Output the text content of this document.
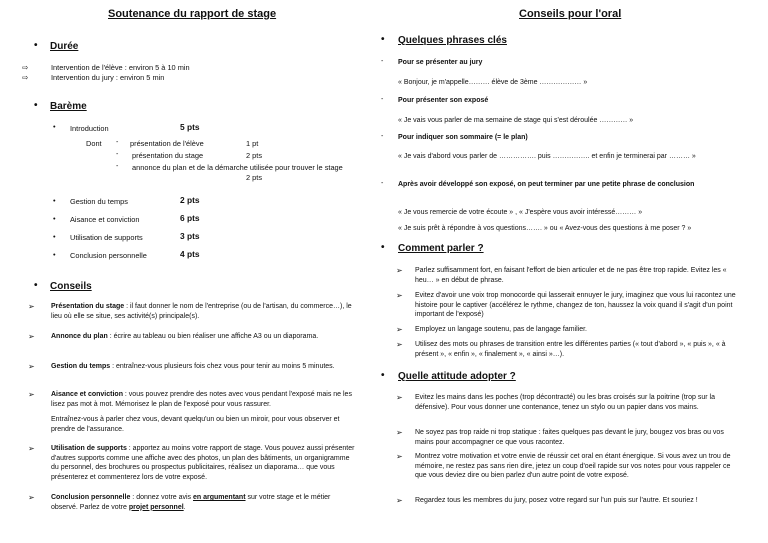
Soutenance du rapport de stage
• Durée
⇨	Intervention de l'élève : environ 5 à 10 min
⇨	Intervention du jury : environ 5 min
• Barème
• Introduction	5 pts
Dont - présentation de l'élève	1 pt
- présentation du stage	2 pts
- annonce du plan et de la démarche utilisée pour trouver le stage
2 pts
• Gestion du temps	2 pts
• Aisance et conviction	6 pts
• Utilisation de supports	3 pts
• Conclusion personnelle	4 pts
• Conseils
➢ Présentation du stage : il faut donner le nom de l'entreprise (ou de l'artisan, du commerce…), le lieu où elle se situe, ses activité(s) principale(s).
➢ Annonce du plan : écrire au tableau ou bien réaliser une affiche A3 ou un diaporama.
➢ Gestion du temps : entraînez-vous plusieurs fois chez vous pour tenir au moins 5 minutes.
➢ Aisance et conviction : vous pouvez prendre des notes avec vous pendant l'exposé mais ne les lisez pas mot à mot. Mémorisez le plan de l'exposé pour vous rassurer.
Entraînez-vous à parler chez vous, devant quelqu'un ou bien un miroir, pour vous observer et prendre de l'assurance.
➢ Utilisation de supports : apportez au moins votre rapport de stage. Vous pouvez aussi présenter d'autres supports comme une affiche avec des photos, un plan des bâtiments, un organigramme du personnel, des brochures ou prospectus publicitaires, réalisez un diaporama… que vous présenterez et commenterez lors de votre exposé.
➢ Conclusion personnelle : donnez votre avis en argumentant sur votre stage et le métier observé. Parlez de votre projet personnel.
Conseils pour l'oral
• Quelques phrases clés
- Pour se présenter au jury
« Bonjour, je m'appelle……… élève de 3ème ……………… »
- Pour présenter son exposé
« Je vais vous parler de ma semaine de stage qui s'est déroulée ………… »
- Pour indiquer son sommaire (= le plan)
« Je vais d'abord vous parler de ……………. puis ……………. et enfin je terminerai par ……… »
- Après avoir développé son exposé, on peut terminer par une petite phrase de conclusion
« Je vous remercie de votre écoute » , « J'espère vous avoir intéressé……… »
« Je suis prêt à répondre à vos questions……. » ou « Avez-vous des questions à me poser ? »
• Comment parler ?
➢ Parlez suffisamment fort, en faisant l'effort de bien articuler et de ne pas être trop rapide. Evitez les « heu… » en début de phrase.
➢ Evitez d'avoir une voix trop monocorde qui lasserait ennuyer le jury, imaginez que vous lui racontez une histoire pour le captiver (accélérez le rythme, changez de ton, haussez la voix quand il s'agit d'un point important de l'exposé)
➢ Employez un langage soutenu, pas de langage familier.
➢ Utilisez des mots ou phrases de transition entre les différentes parties (« tout d'abord », « puis », « à présent », « enfin », « finalement », « ainsi »…).
• Quelle attitude adopter ?
➢ Evitez les mains dans les poches (trop décontracté) ou les bras croisés sur la poitrine (trop sur la défensive). Pour vous donner une contenance, tenez un stylo ou un papier dans vos mains.
➢ Ne soyez pas trop raide ni trop statique : faites quelques pas devant le jury, bougez vos bras ou vos mains pour accompagner ce que vous racontez.
➢ Montrez votre motivation et votre envie de réussir cet oral en étant énergique. Si vous avez un trou de mémoire, ne restez pas sans rien dire, jetez un coup d'oeil rapide sur vos notes pour vous rappeler ce que vous deviez dire ou bien parlez d'un autre point de votre exposé.
➢ Regardez tous les membres du jury, posez votre regard sur l'un puis sur l'autre. Et souriez !
